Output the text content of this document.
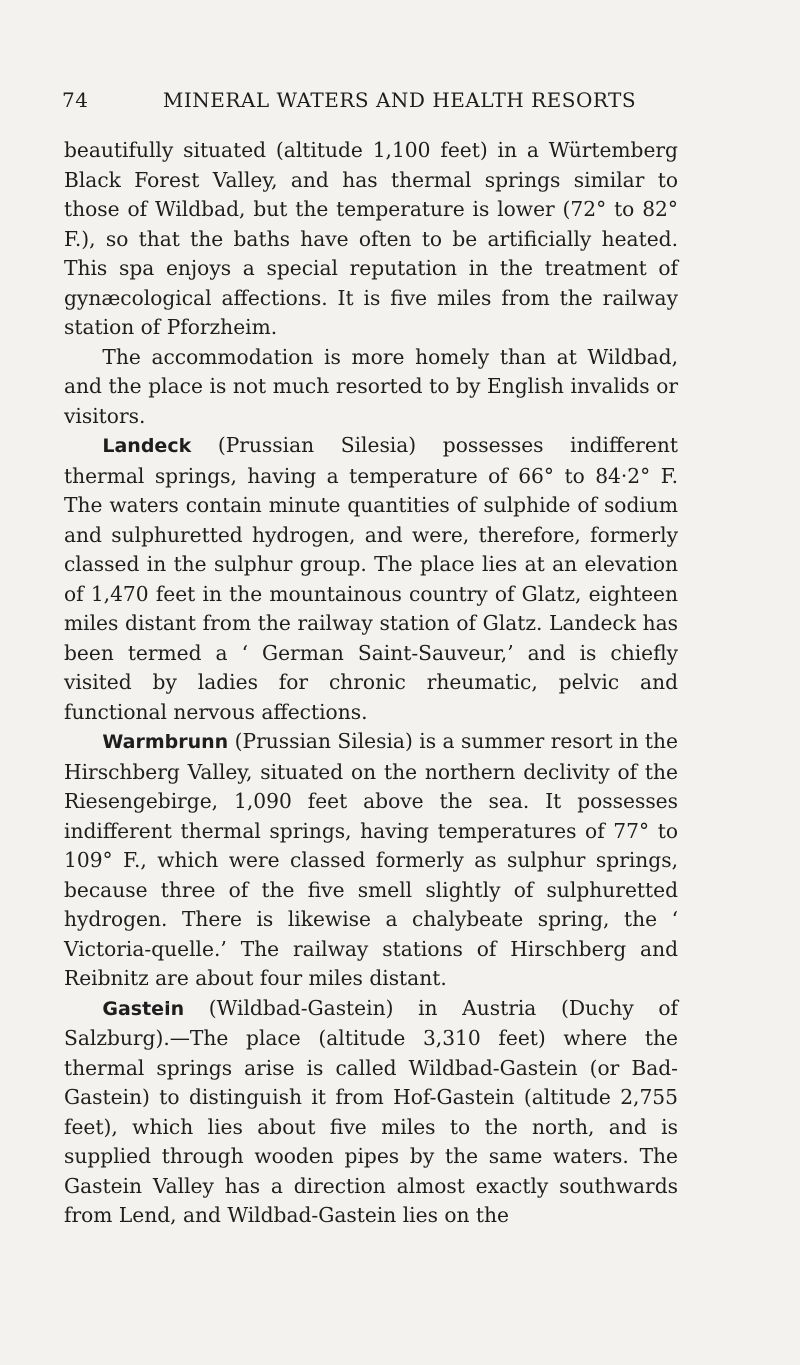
74	MINERAL WATERS AND HEALTH RESORTS

beautifully situated (altitude 1,100 feet) in a Würtemberg Black Forest Valley, and has thermal springs similar to those of Wildbad, but the temperature is lower (72° to 82° F.), so that the baths have often to be artificially heated. This spa enjoys a special reputation in the treatment of gynæcological affections. It is five miles from the railway station of Pforzheim.

The accommodation is more homely than at Wildbad, and the place is not much resorted to by English invalids or visitors.

Landeck (Prussian Silesia) possesses indifferent thermal springs, having a temperature of 66° to 84·2° F. The waters contain minute quantities of sulphide of sodium and sulphuretted hydrogen, and were, therefore, formerly classed in the sulphur group. The place lies at an elevation of 1,470 feet in the mountainous country of Glatz, eighteen miles distant from the railway station of Glatz. Landeck has been termed a ‘ German Saint-Sauveur,’ and is chiefly visited by ladies for chronic rheumatic, pelvic and functional nervous affections.

Warmbrunn (Prussian Silesia) is a summer resort in the Hirschberg Valley, situated on the northern declivity of the Riesengebirge, 1,090 feet above the sea. It possesses indifferent thermal springs, having temperatures of 77° to 109° F., which were classed formerly as sulphur springs, because three of the five smell slightly of sulphuretted hydrogen. There is likewise a chalybeate spring, the ‘ Victoria-quelle.’ The railway stations of Hirschberg and Reibnitz are about four miles distant.

Gastein (Wildbad-Gastein) in Austria (Duchy of Salzburg).—The place (altitude 3,310 feet) where the thermal springs arise is called Wildbad-Gastein (or Bad-Gastein) to distinguish it from Hof-Gastein (altitude 2,755 feet), which lies about five miles to the north, and is supplied through wooden pipes by the same waters. The Gastein Valley has a direction almost exactly southwards from Lend, and Wildbad-Gastein lies on the
